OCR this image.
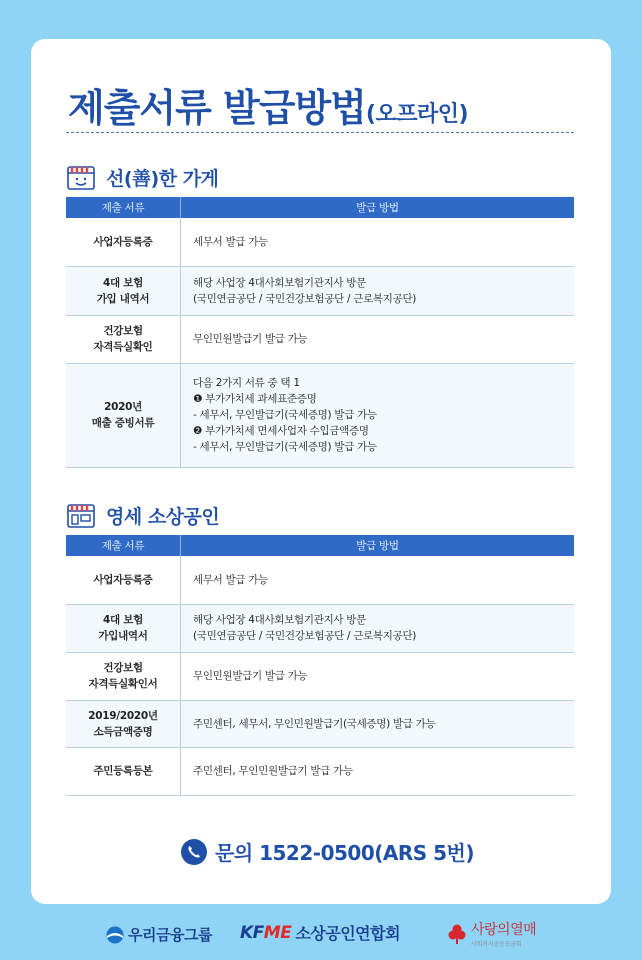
제출서류 발급방법(오프라인)
선(善)한 가게
제출 서류	발급 방법
사업자등록증	세무서 발급 가능
4대 보험
가입 내역서	해당 사업장 4대사회보험기관지사 방문
(국민연금공단 / 국민건강보험공단 / 근로복지공단)
건강보험
자격득실확인	무인민원발급기 발급 가능
2020년
매출 증빙서류	다음 2가지 서류 중 택 1
❶ 부가가치세 과세표준증명
- 세무서, 무인발급기(국세증명) 발급 가능
❷ 부가가치세 면세사업자 수입금액증명
- 세무서, 무인발급기(국세증명) 발급 가능
영세 소상공인
제출 서류	발급 방법
사업자등록증	세무서 발급 가능
4대 보험
가입내역서	해당 사업장 4대사회보험기관지사 방문
(국민연금공단 / 국민건강보험공단 / 근로복지공단)
건강보험
자격득실확인서	무인민원발급기 발급 가능
2019/2020년
소득금액증명	주민센터, 세무서, 무인민원발급기(국세증명) 발급 가능
주민등록등본	주민센터, 무인민원발급기 발급 가능
문의 1522-0500(ARS 5번)
우리금융그룹 KFME 소상공인연합회	사랑의열매
사회복지공동모금회
